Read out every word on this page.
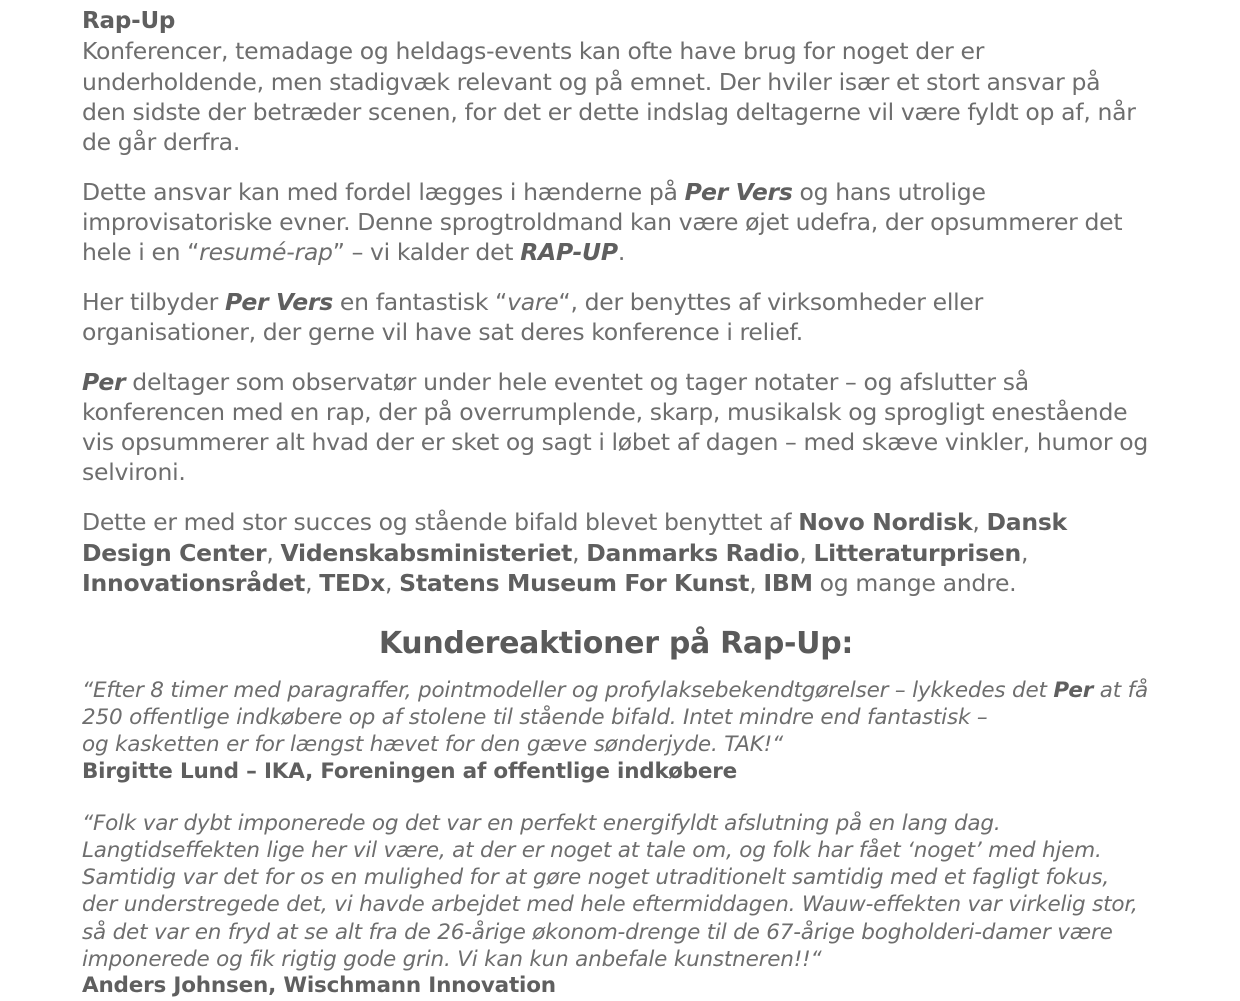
Rap-Up

Konferencer, temadage og heldags-events kan ofte have brug for noget der er underholdende, men stadigvæk relevant og på emnet. Der hviler især et stort ansvar på den sidste der betræder scenen, for det er dette indslag deltagerne vil være fyldt op af, når de går derfra.

Dette ansvar kan med fordel lægges i hænderne på Per Vers og hans utrolige improvisatoriske evner. Denne sprogtroldmand kan være øjet udefra, der opsummerer det hele i en “resumé-rap” – vi kalder det RAP-UP.

Her tilbyder Per Vers en fantastisk “vare“, der benyttes af virksomheder eller organisationer, der gerne vil have sat deres konference i relief.

Per deltager som observatør under hele eventet og tager notater – og afslutter så konferencen med en rap, der på overrumplende, skarp, musikalsk og sprogligt enestående vis opsummerer alt hvad der er sket og sagt i løbet af dagen – med skæve vinkler, humor og selvironi.

Dette er med stor succes og stående bifald blevet benyttet af Novo Nordisk, Dansk Design Center, Videnskabsministeriet, Danmarks Radio, Litteraturprisen, Innovationsrådet, TEDx, Statens Museum For Kunst, IBM og mange andre.

Kundereaktioner på Rap-Up:

“Efter 8 timer med paragraffer, pointmodeller og profylaksebekendtgørelser – lykkedes det Per at få 250 offentlige indkøbere op af stolene til stående bifald. Intet mindre end fantastisk –
og kasketten er for længst hævet for den gæve sønderjyde. TAK!“

Birgitte Lund – IKA, Foreningen af offentlige indkøbere

“Folk var dybt imponerede og det var en perfekt energifyldt afslutning på en lang dag. Langtidseffekten lige her vil være, at der er noget at tale om, og folk har fået ‘noget’ med hjem. Samtidig var det for os en mulighed for at gøre noget utraditionelt samtidig med et fagligt fokus, der understregede det, vi havde arbejdet med hele eftermiddagen. Wauw-effekten var virkelig stor, så det var en fryd at se alt fra de 26-årige økonom-drenge til de 67-årige bogholderi-damer være imponerede og fik rigtig gode grin. Vi kan kun anbefale kunstneren!!“

Anders Johnsen, Wischmann Innovation
